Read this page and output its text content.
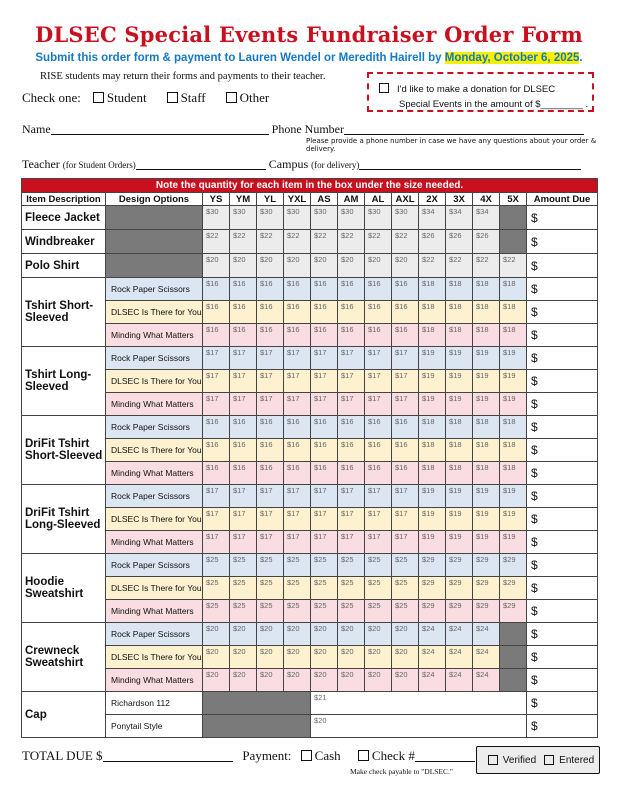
DLSEC Special Events Fundraiser Order Form
Submit this order form & payment to Lauren Wendel or Meredith Hairell by Monday, October 6, 2025.
RISE students may return their forms and payments to their teacher.
Check one:	Student	Staff	Other
I'd like to make a donation for DLSEC
Special Events in the amount of $________ .
Name	Phone Number
Please provide a phone number in case we have any questions about your order & delivery.
Teacher (for Student Orders)	Campus (for delivery)
Note the quantity for each item in the box under the size needed.														
Item Description	Design Options	YS	YM	YL	YXL	AS	AM	AL	AXL	2X	3X	4X	5X	Amount Due
Fleece Jacket		$30	$30	$30	$30	$30	$30	$30	$30	$34	$34	$34		$
Windbreaker		$22	$22	$22	$22	$22	$22	$22	$22	$26	$26	$26		$
Polo Shirt		$20	$20	$20	$20	$20	$20	$20	$20	$22	$22	$22	$22	$
Tshirt Short-Sleeved	Rock Paper Scissors	$16	$16	$16	$16	$16	$16	$16	$16	$18	$18	$18	$18	$
	DLSEC Is There for You	$16	$16	$16	$16	$16	$16	$16	$16	$18	$18	$18	$18	$
	Minding What Matters	$16	$16	$16	$16	$16	$16	$16	$16	$18	$18	$18	$18	$
Tshirt Long-Sleeved	Rock Paper Scissors	$17	$17	$17	$17	$17	$17	$17	$17	$19	$19	$19	$19	$
	DLSEC Is There for You	$17	$17	$17	$17	$17	$17	$17	$17	$19	$19	$19	$19	$
	Minding What Matters	$17	$17	$17	$17	$17	$17	$17	$17	$19	$19	$19	$19	$
DriFit Tshirt Short-Sleeved	Rock Paper Scissors	$16	$16	$16	$16	$16	$16	$16	$16	$18	$18	$18	$18	$
	DLSEC Is There for You	$16	$16	$16	$16	$16	$16	$16	$16	$18	$18	$18	$18	$
	Minding What Matters	$16	$16	$16	$16	$16	$16	$16	$16	$18	$18	$18	$18	$
DriFit Tshirt Long-Sleeved	Rock Paper Scissors	$17	$17	$17	$17	$17	$17	$17	$17	$19	$19	$19	$19	$
	DLSEC Is There for You	$17	$17	$17	$17	$17	$17	$17	$17	$19	$19	$19	$19	$
	Minding What Matters	$17	$17	$17	$17	$17	$17	$17	$17	$19	$19	$19	$19	$
Hoodie Sweatshirt	Rock Paper Scissors	$25	$25	$25	$25	$25	$25	$25	$25	$29	$29	$29	$29	$
	DLSEC Is There for You	$25	$25	$25	$25	$25	$25	$25	$25	$29	$29	$29	$29	$
	Minding What Matters	$25	$25	$25	$25	$25	$25	$25	$25	$29	$29	$29	$29	$
Crewneck Sweatshirt	Rock Paper Scissors	$20	$20	$20	$20	$20	$20	$20	$20	$24	$24	$24		$
	DLSEC Is There for You	$20	$20	$20	$20	$20	$20	$20	$20	$24	$24	$24		$
	Minding What Matters	$20	$20	$20	$20	$20	$20	$20	$20	$24	$24	$24		$
Cap	Richardson 112					$21								$
	Ponytail Style					$20								$
TOTAL DUE $	Payment: Cash Check #
Make check payable to "DLSEC."
Verified Entered
